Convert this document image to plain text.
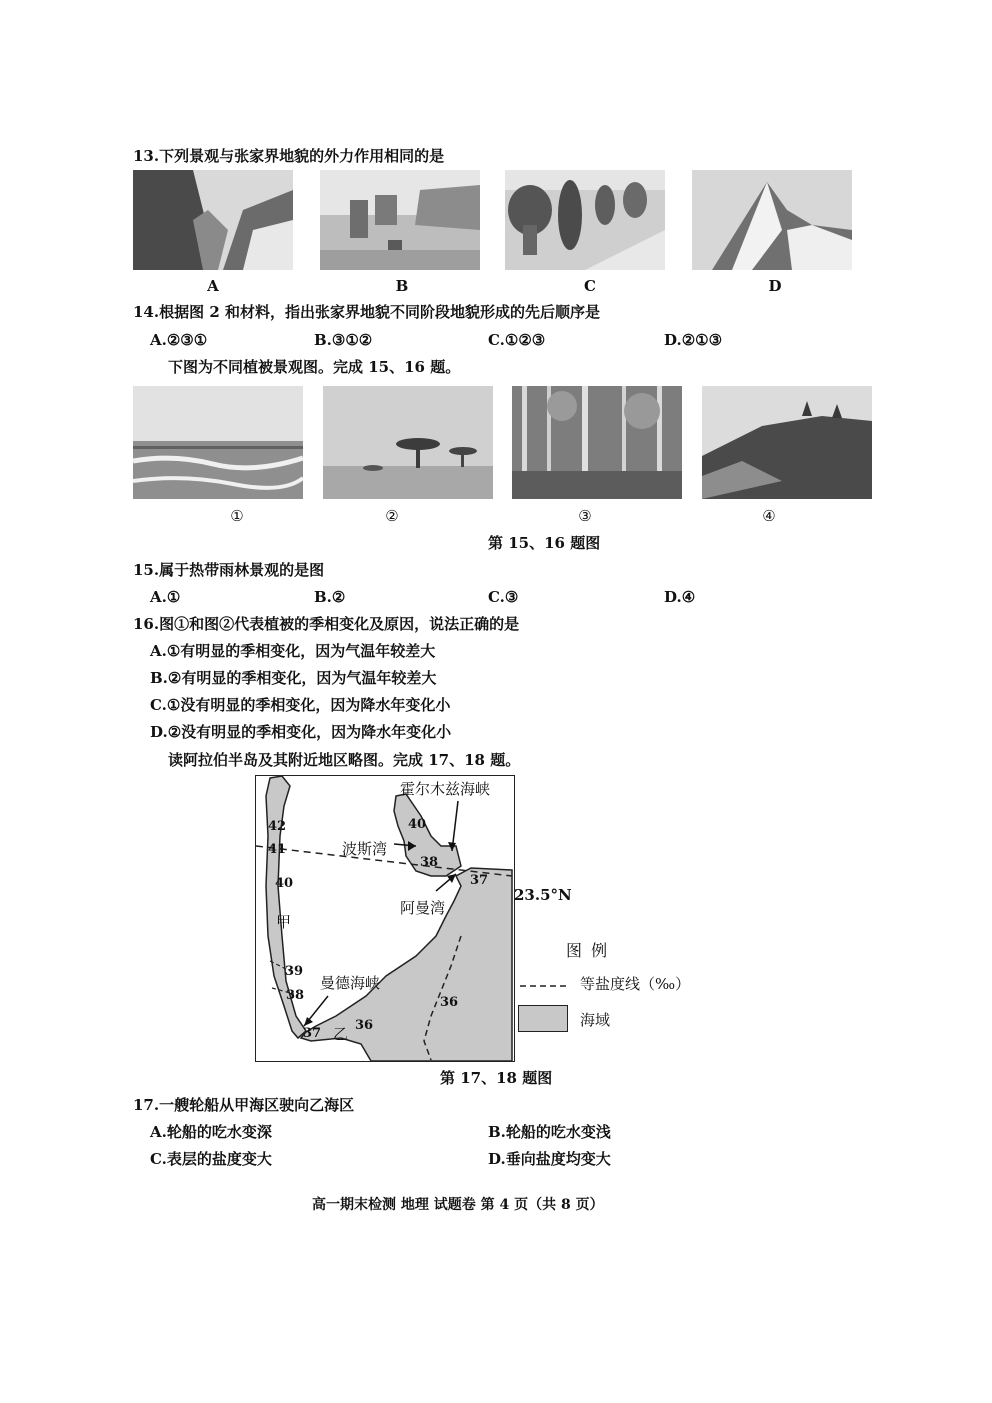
13.下列景观与张家界地貌的外力作用相同的是
A	B	C	D
14.根据图 2 和材料，指出张家界地貌不同阶段地貌形成的先后顺序是
A.②③①	B.③①②	C.①②③	D.②①③
下图为不同植被景观图。完成 15、16 题。
①	②	③	④
第 15、16 题图
15.属于热带雨林景观的是图
A.①	B.②	C.③	D.④
16.图①和图②代表植被的季相变化及原因，说法正确的是
A.①有明显的季相变化，因为气温年较差大
B.②有明显的季相变化，因为气温年较差大
C.①没有明显的季相变化，因为降水年变化小
D.②没有明显的季相变化，因为降水年变化小
读阿拉伯半岛及其附近地区略图。完成 17、18 题。
霍尔木兹海峡
波斯湾
阿曼湾
曼德海峡
甲
乙
42
41
40
39
38
37
40
38
37
36
36
23.5°N
图 例
等盐度线（‰）
海域
第 17、18 题图
17.一艘轮船从甲海区驶向乙海区
A.轮船的吃水变深	B.轮船的吃水变浅
C.表层的盐度变大	D.垂向盐度均变大
高一期末检测 地理 试题卷 第 4 页（共 8 页）
